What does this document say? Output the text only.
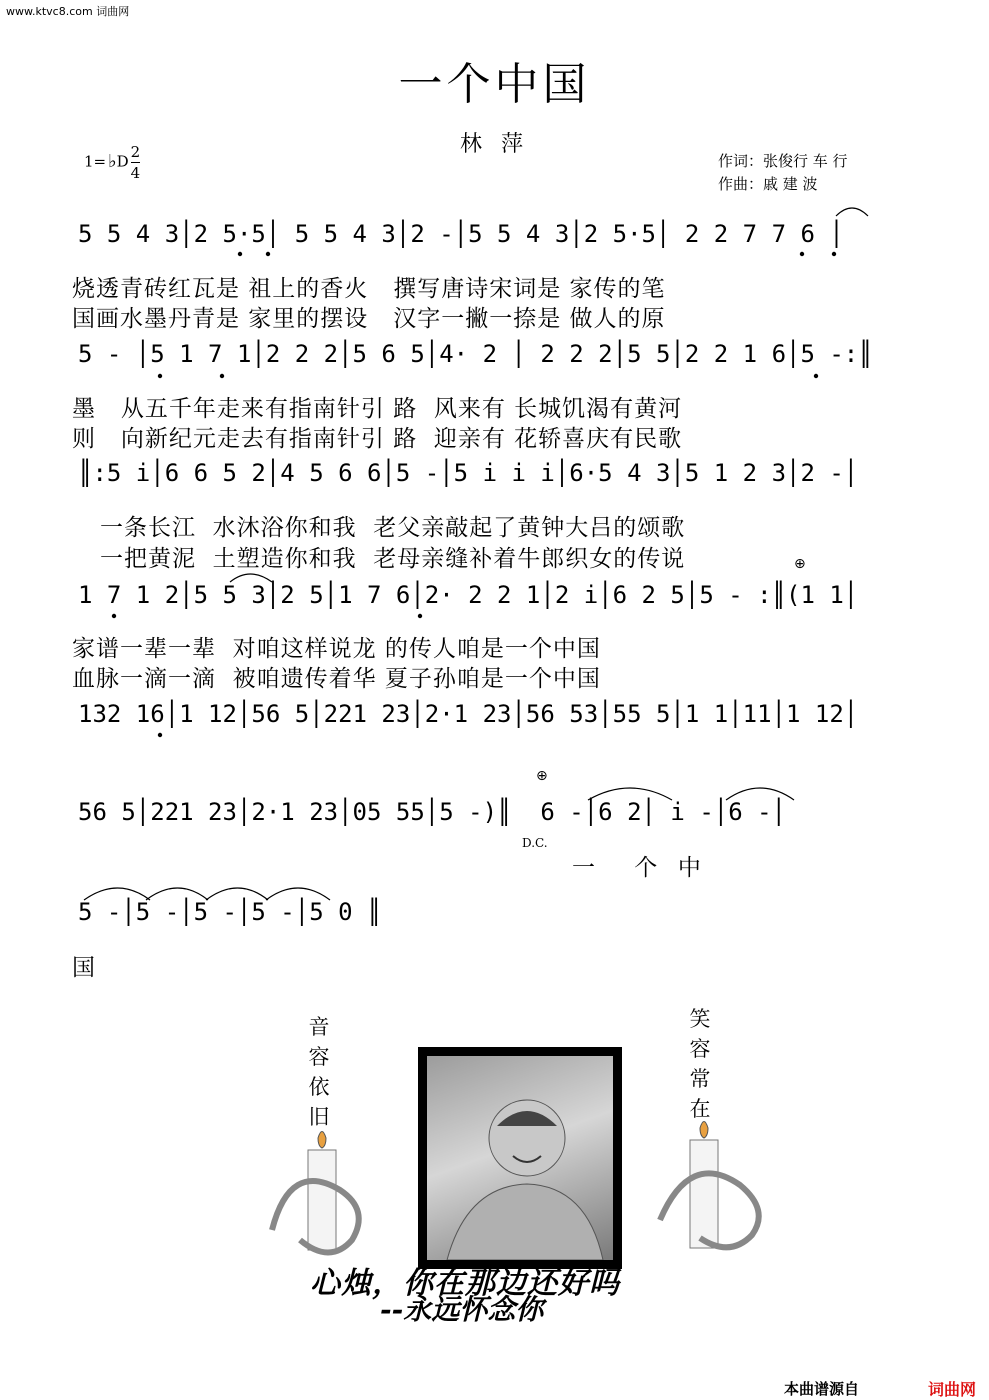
www.ktvc8.com 词曲网
一个中国
林 萍
1= ♭D $\frac{2}{4}$	作词：张俊行 车 行
作曲：戚 建 波
5 5 4 3│2 5·5│ 5 5 4 3│2 -│5 5 4 3│2 5·5│ 2 2 7 7 6 │
烧透青砖红瓦是 祖上的香火   撰写唐诗宋词是 家传的笔
国画水墨丹青是 家里的摆设   汉字一撇一捺是 做人的原
5 - │5 1 7 1│2 2 2│5 6 5│4· 2 │ 2 2 2│5 5│2 2 1 6│5 -:║
墨   从五千年走来有指南针引 路  风来有 长城饥渴有黄河
则   向新纪元走去有指南针引 路  迎亲有 花轿喜庆有民歌
║:5 i│6 6 5 2│4 5 6 6│5 -│5 i i i│6·5 4 3│5 1 2 3│2 -│
一条长江  水沐浴你和我  老父亲敲起了黄钟大吕的颂歌
一把黄泥  土塑造你和我  老母亲缝补着牛郎织女的传说
1 7 1 2│5 5 3│2 5│1 7 6│2· 2 2 1│2 i│6 2 5│5 - :║(1 1│
家谱一辈一辈  对咱这样说龙 的传人咱是一个中国
血脉一滴一滴  被咱遗传着华 夏子孙咱是一个中国
132 16│1 12│56 5│221 23│2·1 23│56 53│55 5│1 1│11│1 12│
56 5│221 23│2·1 23│05 55│5 -)║  6 -│6 2│ i -│6 -│
⊕
⊕
D.C.
一    个  中
5 -│5 -│5 -│5 -│5 0 ║
国
音
容
依
旧
笑
容
常
在
心烛，你在那边还好吗
--永远怀念你
本曲谱源自	词曲网
